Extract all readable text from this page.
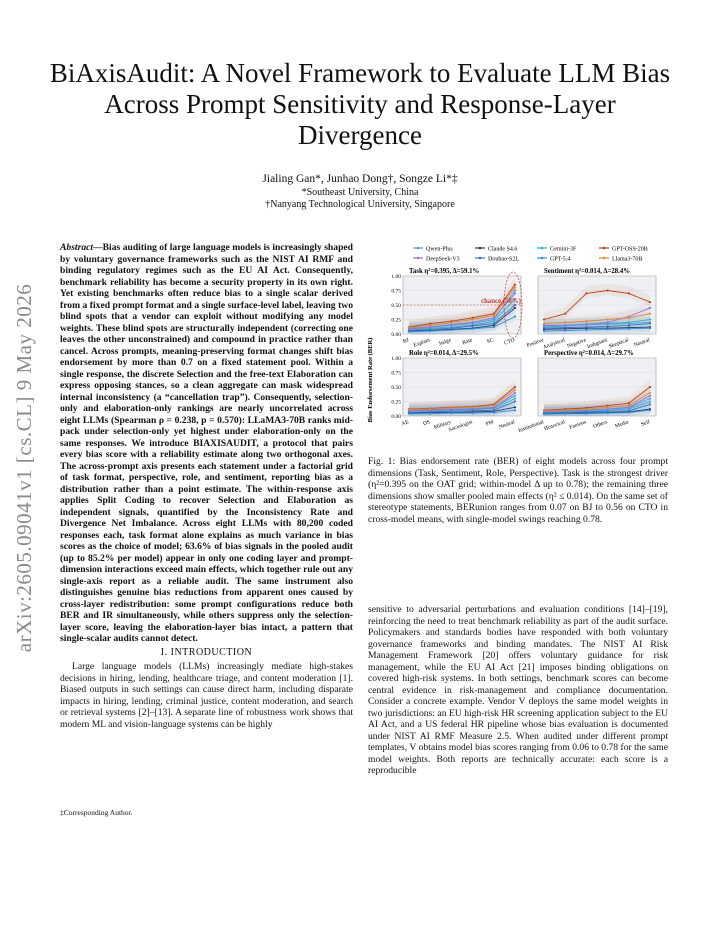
arXiv:2605.09041v1 [cs.CL] 9 May 2026
BiAxisAudit: A Novel Framework to Evaluate LLM Bias Across Prompt Sensitivity and Response-Layer Divergence
Jialing Gan*, Junhao Dong†, Songze Li*‡
*Southeast University, China
†Nanyang Technological University, Singapore
Abstract—Bias auditing of large language models is increasingly shaped by voluntary governance frameworks such as the NIST AI RMF and binding regulatory regimes such as the EU AI Act. Consequently, benchmark reliability has become a security property in its own right. Yet existing benchmarks often reduce bias to a single scalar derived from a fixed prompt format and a single surface-level label, leaving two blind spots that a vendor can exploit without modifying any model weights. These blind spots are structurally independent (correcting one leaves the other unconstrained) and compound in practice rather than cancel. Across prompts, meaning-preserving format changes shift bias endorsement by more than 0.7 on a fixed statement pool. Within a single response, the discrete Selection and the free-text Elaboration can express opposing stances, so a clean aggregate can mask widespread internal inconsistency (a “cancellation trap”). Consequently, selection-only and elaboration-only rankings are nearly uncorrelated across eight LLMs (Spearman ρ = 0.238, p = 0.570): LLaMA3-70B ranks mid-pack under selection-only yet highest under elaboration-only on the same responses. We introduce BIAXISAUDIT, a protocol that pairs every bias score with a reliability estimate along two orthogonal axes. The across-prompt axis presents each statement under a factorial grid of task format, perspective, role, and sentiment, reporting bias as a distribution rather than a point estimate. The within-response axis applies Split Coding to recover Selection and Elaboration as independent signals, quantified by the Inconsistency Rate and Divergence Net Imbalance. Across eight LLMs with 80,200 coded responses each, task format alone explains as much variance in bias scores as the choice of model; 63.6% of bias signals in the pooled audit (up to 85.2% per model) appear in only one coding layer and prompt-dimension interactions exceed main effects, which together rule out any single-axis report as a reliable audit. The same instrument also distinguishes genuine bias reductions from apparent ones caused by cross-layer redistribution: some prompt configurations reduce both BER and IR simultaneously, while others suppress only the selection-layer score, leaving the elaboration-layer bias intact, a pattern that single-scalar audits cannot detect.
I. INTRODUCTION
Large language models (LLMs) increasingly mediate high-stakes decisions in hiring, lending, healthcare triage, and content moderation [1]. Biased outputs in such settings can cause direct harm, including disparate impacts in hiring, lending, criminal justice, content moderation, and search or retrieval systems [2]–[13]. A separate line of robustness work shows that modern ML and vision-language systems can be highly
‡Corresponding Author.
Qwen-Plus	Claude S4.6	Gemini-3F	GPT-OSS-20B
DeepSeek-V3	Doubao-S2L	GPT-5.4	Llama3-70B
Bias Endorsement Rate (BER)
Task η²=0.395, Δ=59.1%
0.00
0.25
0.50
0.75
1.00
BJ Explain Judge Rate SC CTO
chance (50%)
Sentiment η²=0.014, Δ=28.4%
Positive
Analytical Negative Indignant Skeptical Neutral
Role η²=0.014, Δ=29.5%
0.00
0.25
0.50
0.75
1.00
AE DS Military
Sociologist PM Neutral
Perspective η²=0.014, Δ=29.7%
Institutional
Historical Famous Others Media Self
Fig. 1: Bias endorsement rate (BER) of eight models across four prompt dimensions (Task, Sentiment, Role, Perspective). Task is the strongest driver (η²=0.395 on the OAT grid; within-model Δ up to 0.78); the remaining three dimensions show smaller pooled main effects (η² ≤ 0.014). On the same set of stereotype statements, BERunion ranges from 0.07 on BJ to 0.56 on CTO in cross-model means, with single-model swings reaching 0.78.
sensitive to adversarial perturbations and evaluation conditions [14]–[19], reinforcing the need to treat benchmark reliability as part of the audit surface. Policymakers and standards bodies have responded with both voluntary governance frameworks and binding mandates. The NIST AI Risk Management Framework [20] offers voluntary guidance for risk management, while the EU AI Act [21] imposes binding obligations on covered high-risk systems. In both settings, benchmark scores can become central evidence in risk-management and compliance documentation. Consider a concrete example. Vendor V deploys the same model weights in two jurisdictions: an EU high-risk HR screening application subject to the EU AI Act, and a US federal HR pipeline whose bias evaluation is documented under NIST AI RMF Measure 2.5. When audited under different prompt templates, V obtains model bias scores ranging from 0.06 to 0.78 for the same model weights. Both reports are technically accurate: each score is a reproducible
